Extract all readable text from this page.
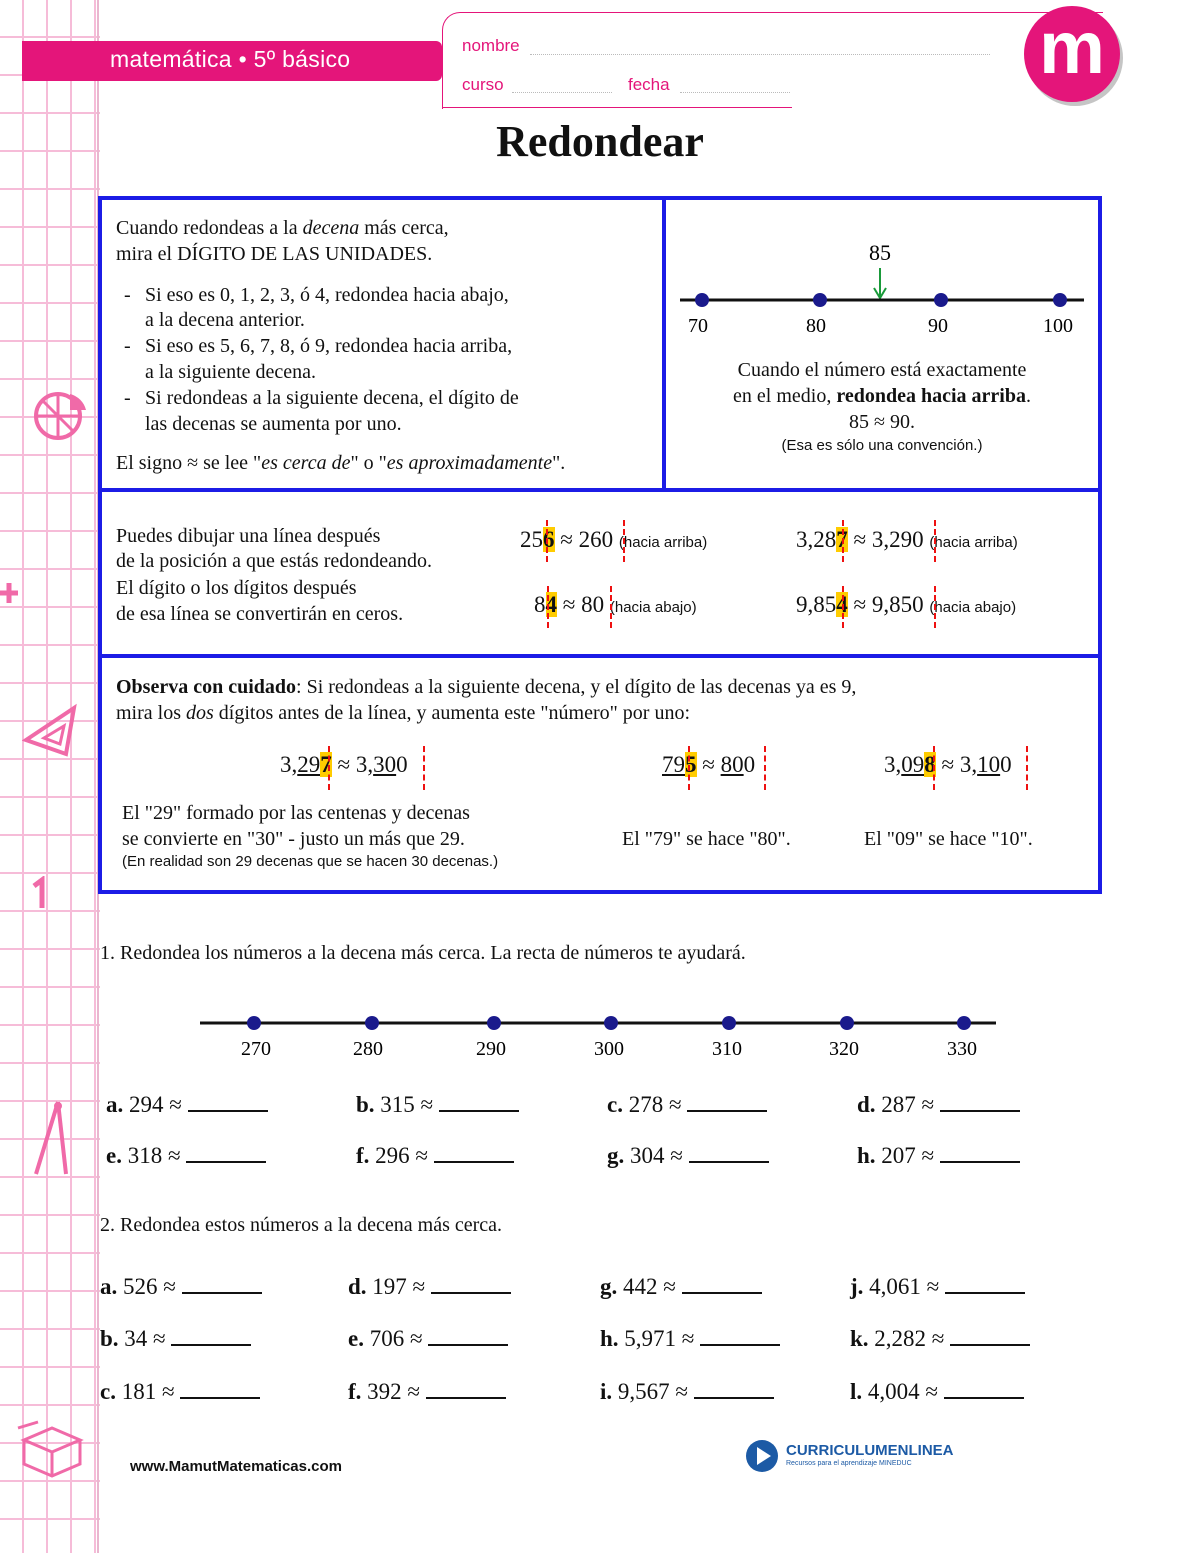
matemática • 5º básico
nombre
curso	fecha	m
Redondear
Cuando redondeas a la decena más cerca,
mira el DÍGITO DE LAS UNIDADES.
- Si eso es 0, 1, 2, 3, ó 4, redondea hacia abajo,
a la decena anterior.
- Si eso es 5, 6, 7, 8, ó 9, redondea hacia arriba,
a la siguiente decena.
- Si redondeas a la siguiente decena, el dígito de
las decenas se aumenta por uno.
El signo ≈ se lee "es cerca de" o "es aproximadamente".
85
70	80	90	100
Cuando el número está exactamente
en el medio, redondea hacia arriba.
85 ≈ 90.
(Esa es sólo una convención.)
Puedes dibujar una línea después
de la posición a que estás redondeando.
El dígito o los dígitos después
de esa línea se convertirán en ceros.
256 ≈ 260 (hacia arriba)	3,287 ≈ 3,290 (hacia arriba)
84 ≈ 80 (hacia abajo)	9,854 ≈ 9,850 (hacia abajo)
Observa con cuidado: Si redondeas a la siguiente decena, y el dígito de las decenas ya es 9,
mira los dos dígitos antes de la línea, y aumenta este "número" por uno:
3,297 ≈ 3,300	795 ≈ 800	3,098 ≈ 3,100
El "29" formado por las centenas y decenas
se convierte en "30" - justo un más que 29.
(En realidad son 29 decenas que se hacen 30 decenas.)
El "79" se hace "80".	El "09" se hace "10".
1. Redondea los números a la decena más cerca. La recta de números te ayudará.
270	280	290	300	310	320	330
a. 294 ≈	b. 315 ≈	c. 278 ≈	d. 287 ≈
e. 318 ≈	f. 296 ≈	g. 304 ≈	h. 207 ≈
2. Redondea estos números a la decena más cerca.
a. 526 ≈	d. 197 ≈	g. 442 ≈	j. 4,061 ≈
b. 34 ≈	e. 706 ≈	h. 5,971 ≈	k. 2,282 ≈
c. 181 ≈	f. 392 ≈	i. 9,567 ≈	l. 4,004 ≈
www.MamutMatematicas.com
CURRICULUMENLINEA
Recursos para el aprendizaje MINEDUC
